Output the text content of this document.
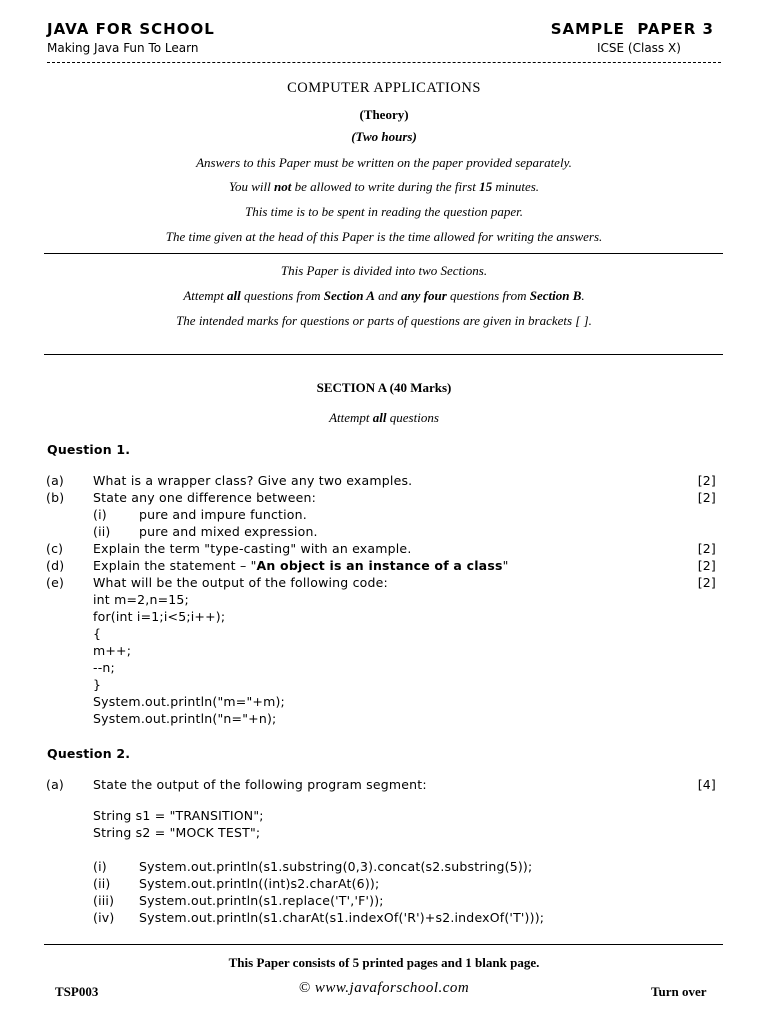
JAVA FOR SCHOOL
Making Java Fun To Learn
SAMPLE  PAPER 3
ICSE (Class X)
COMPUTER APPLICATIONS
(Theory)
(Two hours)
Answers to this Paper must be written on the paper provided separately.
You will not be allowed to write during the first 15 minutes.
This time is to be spent in reading the question paper.
The time given at the head of this Paper is the time allowed for writing the answers.
This Paper is divided into two Sections.
Attempt all questions from Section A and any four questions from Section B.
The intended marks for questions or parts of questions are given in brackets [ ].
SECTION A (40 Marks)
Attempt all questions
Question 1.
(a) What is a wrapper class? Give any two examples.	[2]
(b) State any one difference between:	[2]
(i)	pure and impure function.
(ii) pure and mixed expression.
(c) Explain the term "type-casting" with an example.	[2]
(d) Explain the statement – "An object is an instance of a class"	[2]
(e) What will be the output of the following code:	[2]
int m=2,n=15;
for(int i=1;i<5;i++);
{
m++;
--n;
}
System.out.println("m="+m);
System.out.println("n="+n);
Question 2.
(a) State the output of the following program segment:	[4]
String s1 = "TRANSITION";
String s2 = "MOCK TEST";
(i)	System.out.println(s1.substring(0,3).concat(s2.substring(5));
(ii) System.out.println((int)s2.charAt(6));
(iii) System.out.println(s1.replace('T','F'));
(iv) System.out.println(s1.charAt(s1.indexOf('R')+s2.indexOf('T')));
This Paper consists of 5 printed pages and 1 blank page.
TSP003	© www.javaforschool.com	Turn over
